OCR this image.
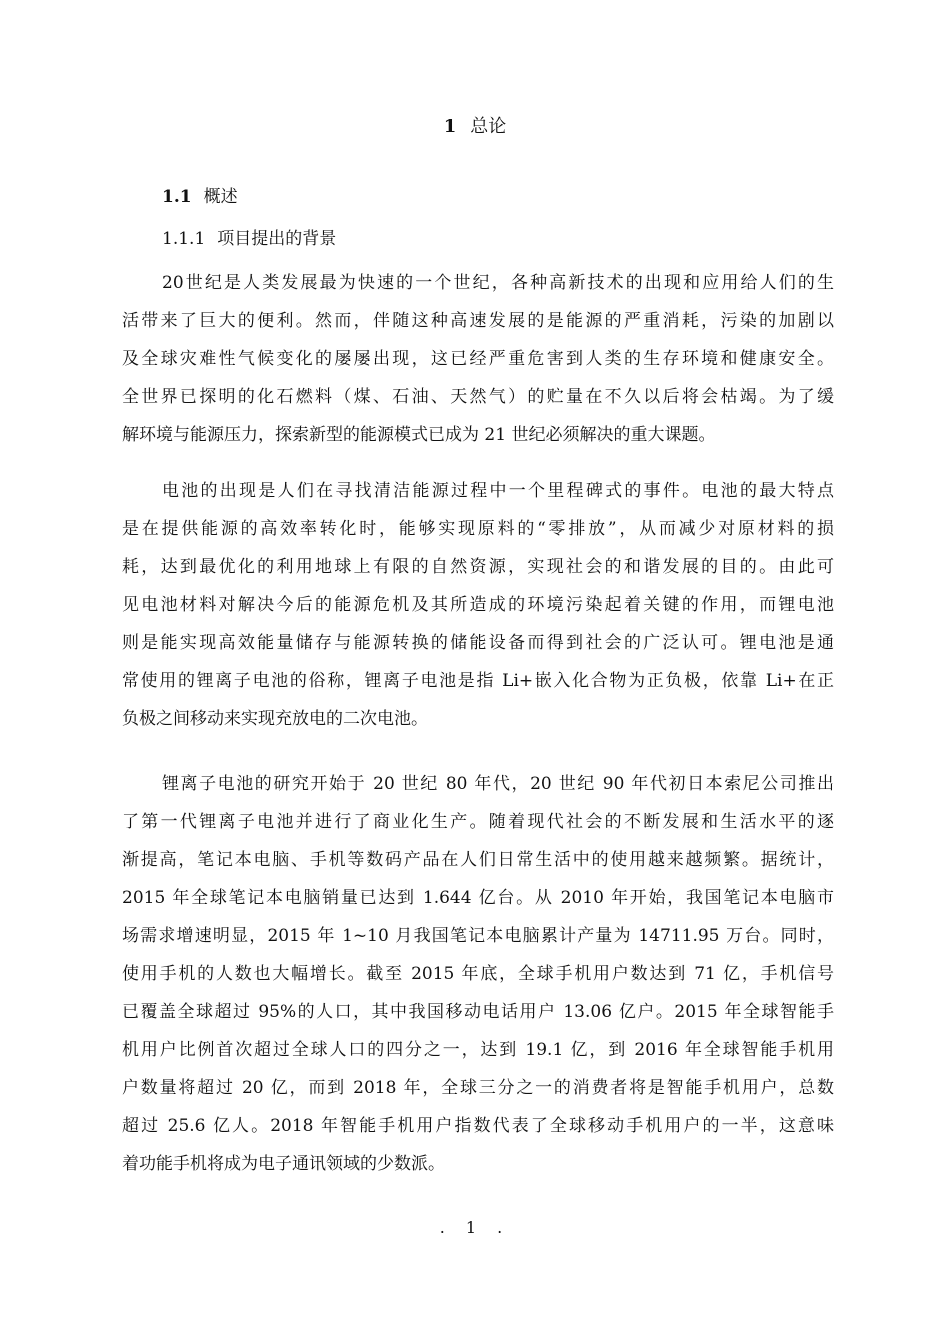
1 总论
1.1 概述
1.1.1 项目提出的背景
20世纪是人类发展最为快速的一个世纪，各种高新技术的出现和应用给人们的生
活带来了巨大的便利。然而，伴随这种高速发展的是能源的严重消耗，污染的加剧以
及全球灾难性气候变化的屡屡出现，这已经严重危害到人类的生存环境和健康安全。
全世界已探明的化石燃料（煤、石油、天然气）的贮量在不久以后将会枯竭。为了缓
解环境与能源压力，探索新型的能源模式已成为 21 世纪必须解决的重大课题。
电池的出现是人们在寻找清洁能源过程中一个里程碑式的事件。电池的最大特点
是在提供能源的高效率转化时，能够实现原料的“零排放”，从而减少对原材料的损
耗，达到最优化的利用地球上有限的自然资源，实现社会的和谐发展的目的。由此可
见电池材料对解决今后的能源危机及其所造成的环境污染起着关键的作用，而锂电池
则是能实现高效能量储存与能源转换的储能设备而得到社会的广泛认可。锂电池是通
常使用的锂离子电池的俗称，锂离子电池是指 Li+嵌入化合物为正负极，依靠 Li+在正
负极之间移动来实现充放电的二次电池。
锂离子电池的研究开始于 20 世纪 80 年代，20 世纪 90 年代初日本索尼公司推出
了第一代锂离子电池并进行了商业化生产。随着现代社会的不断发展和生活水平的逐
渐提高，笔记本电脑、手机等数码产品在人们日常生活中的使用越来越频繁。据统计，
2015 年全球笔记本电脑销量已达到 1.644 亿台。从 2010 年开始，我国笔记本电脑市
场需求增速明显，2015 年 1~10 月我国笔记本电脑累计产量为 14711.95 万台。同时，
使用手机的人数也大幅增长。截至 2015 年底，全球手机用户数达到 71 亿，手机信号
已覆盖全球超过 95%的人口，其中我国移动电话用户 13.06 亿户。2015 年全球智能手
机用户比例首次超过全球人口的四分之一，达到 19.1 亿，到 2016 年全球智能手机用
户数量将超过 20 亿，而到 2018 年，全球三分之一的消费者将是智能手机用户，总数
超过 25.6 亿人。2018 年智能手机用户指数代表了全球移动手机用户的一半，这意味
着功能手机将成为电子通讯领域的少数派。
. 1 .
